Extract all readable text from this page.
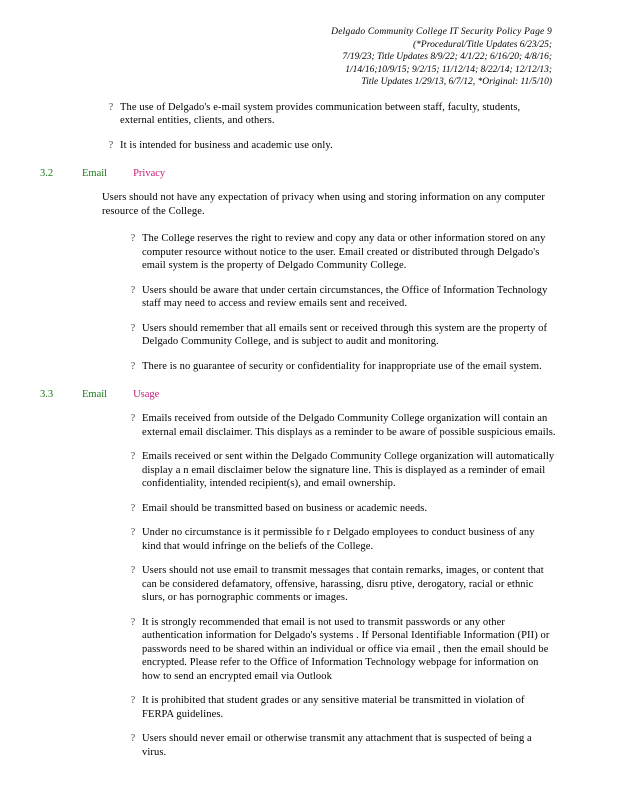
Delgado Community College IT Security Policy Page 9
(*Procedural/Title Updates 6/23/25;
7/19/23; Title Updates 8/9/22; 4/1/22; 6/16/20; 4/8/16;
1/14/16;10/9/15; 9/2/15; 11/12/14; 8/22/14; 12/12/13;
Title Updates 1/29/13, 6/7/12, *Original: 11/5/10)
? The use of Delgado's e-mail system provides communication between staff, faculty, students, external entities, clients, and others.
? It is intended for business and academic use only.
3.2	Email Privacy
Users should not have any expectation of privacy when using and storing information on any computer resource of the College.
? The College reserves the right to review and copy any data or other information stored on any computer resource without notice to the user. Email created or distributed through Delgado's email system is the property of Delgado Community College.
? Users should be aware that under certain circumstances, the Office of Information Technology staff may need to access and review emails sent and received.
? Users should remember that all emails sent or received through this system are the property of Delgado Community College, and is subject to audit and monitoring.
? There is no guarantee of security or confidentiality for inappropriate use of the email system.
3.3	Email Usage
? Emails received from outside of the Delgado Community College organization will contain an external email disclaimer. This displays as a reminder to be aware of possible suspicious emails.
? Emails received or sent within the Delgado Community College organization will automatically display a n email disclaimer below the signature line. This is displayed as a reminder of email confidentiality, intended recipient(s), and email ownership.
? Email should be transmitted based on business or academic needs.
? Under no circumstance is it permissible fo r Delgado employees to conduct business of any kind that would infringe on the beliefs of the College.
? Users should not use email to transmit messages that contain remarks, images, or content that can be considered defamatory, offensive, harassing, disru ptive, derogatory, racial or ethnic slurs, or has pornographic comments or images.
? It is strongly recommended that email is not used to transmit passwords or any other authentication information for Delgado's systems . If Personal Identifiable Information (PII) or passwords need to be shared within an individual or office via email , then the email should be encrypted. Please refer to the Office of Information Technology webpage for information on how to send an encrypted email via Outlook
? It is prohibited that student grades or any sensitive material be transmitted in violation of FERPA guidelines.
? Users should never email or otherwise transmit any attachment that is suspected of being a virus.
